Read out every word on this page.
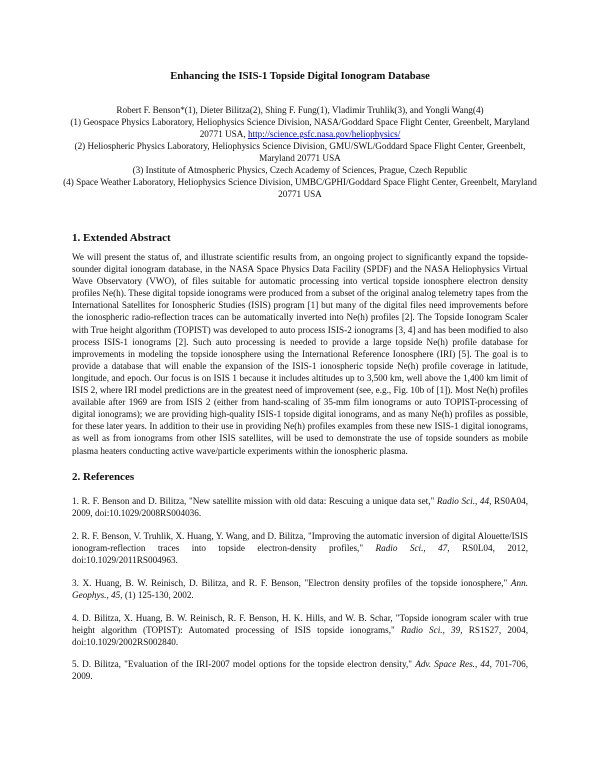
Enhancing the ISIS-1 Topside Digital Ionogram Database
Robert F. Benson*(1), Dieter Bilitza(2), Shing F. Fung(1), Vladimir Truhlik(3), and Yongli Wang(4)
(1) Geospace Physics Laboratory, Heliophysics Science Division, NASA/Goddard Space Flight Center, Greenbelt, Maryland 20771 USA, http://science.gsfc.nasa.gov/heliophysics/
(2) Heliospheric Physics Laboratory, Heliophysics Science Division, GMU/SWL/Goddard Space Flight Center, Greenbelt, Maryland 20771 USA
(3) Institute of Atmospheric Physics, Czech Academy of Sciences, Prague, Czech Republic
(4) Space Weather Laboratory, Heliophysics Science Division, UMBC/GPHI/Goddard Space Flight Center, Greenbelt, Maryland 20771 USA
1. Extended Abstract
We will present the status of, and illustrate scientific results from, an ongoing project to significantly expand the topside-sounder digital ionogram database, in the NASA Space Physics Data Facility (SPDF) and the NASA Heliophysics Virtual Wave Observatory (VWO), of files suitable for automatic processing into vertical topside ionosphere electron density profiles Ne(h). These digital topside ionograms were produced from a subset of the original analog telemetry tapes from the International Satellites for Ionospheric Studies (ISIS) program [1] but many of the digital files need improvements before the ionospheric radio-reflection traces can be automatically inverted into Ne(h) profiles [2]. The Topside Ionogram Scaler with True height algorithm (TOPIST) was developed to auto process ISIS-2 ionograms [3, 4] and has been modified to also process ISIS-1 ionograms [2]. Such auto processing is needed to provide a large topside Ne(h) profile database for improvements in modeling the topside ionosphere using the International Reference Ionosphere (IRI) [5]. The goal is to provide a database that will enable the expansion of the ISIS-1 ionospheric topside Ne(h) profile coverage in latitude, longitude, and epoch. Our focus is on ISIS 1 because it includes altitudes up to 3,500 km, well above the 1,400 km limit of ISIS 2, where IRI model predictions are in the greatest need of improvement (see, e.g., Fig. 10b of [1]). Most Ne(h) profiles available after 1969 are from ISIS 2 (either from hand-scaling of 35-mm film ionograms or auto TOPIST-processing of digital ionograms); we are providing high-quality ISIS-1 topside digital ionograms, and as many Ne(h) profiles as possible, for these later years. In addition to their use in providing Ne(h) profiles examples from these new ISIS-1 digital ionograms, as well as from ionograms from other ISIS satellites, will be used to demonstrate the use of topside sounders as mobile plasma heaters conducting active wave/particle experiments within the ionospheric plasma.
2. References
1. R. F. Benson and D. Bilitza, "New satellite mission with old data: Rescuing a unique data set," Radio Sci., 44, RS0A04, 2009, doi:10.1029/2008RS004036.
2. R. F. Benson, V. Truhlik, X. Huang, Y. Wang, and D. Bilitza, "Improving the automatic inversion of digital Alouette/ISIS ionogram-reflection traces into topside electron-density profiles," Radio Sci., 47, RS0L04, 2012, doi:10.1029/2011RS004963.
3. X. Huang, B. W. Reinisch, D. Bilitza, and R. F. Benson, "Electron density profiles of the topside ionosphere," Ann. Geophys., 45, (1) 125-130, 2002.
4. D. Bilitza, X. Huang, B. W. Reinisch, R. F. Benson, H. K. Hills, and W. B. Schar, "Topside ionogram scaler with true height algorithm (TOPIST): Automated processing of ISIS topside ionograms," Radio Sci., 39, RS1S27, 2004, doi:10.1029/2002RS002840.
5. D. Bilitza, "Evaluation of the IRI-2007 model options for the topside electron density," Adv. Space Res., 44, 701-706, 2009.
